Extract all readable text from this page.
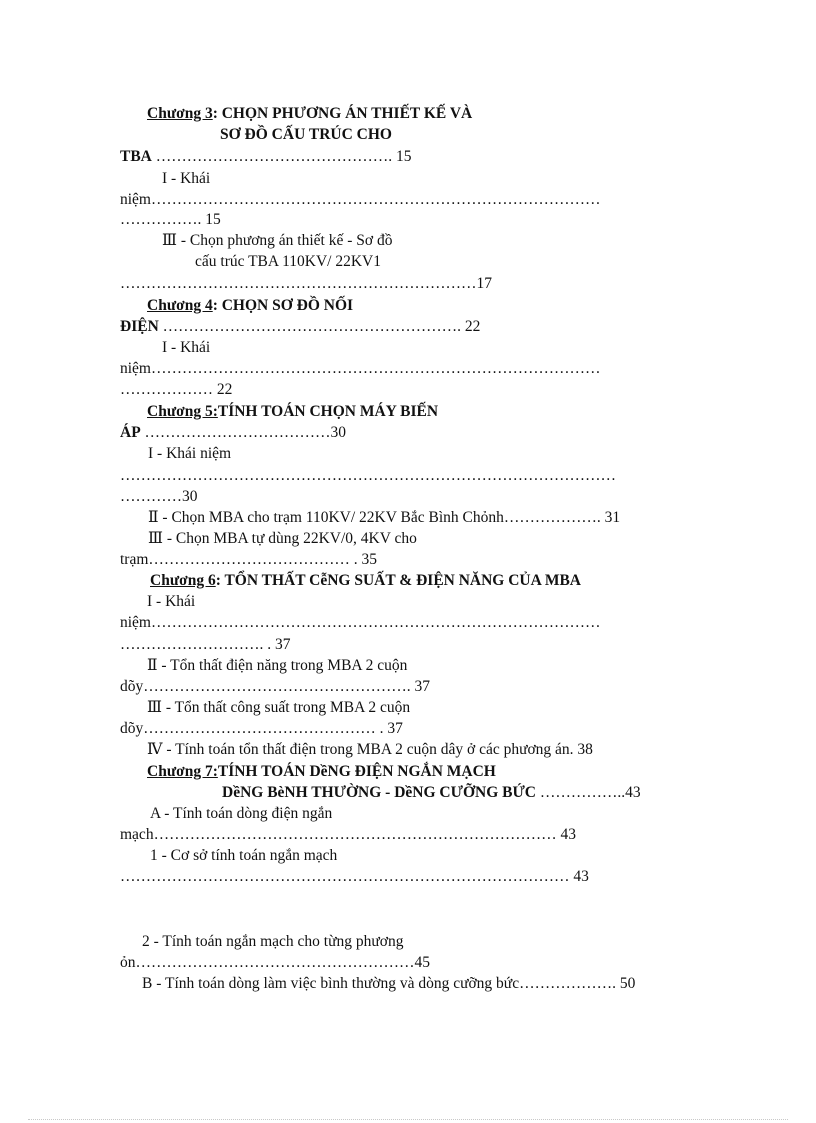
Chương 3: CHỌN PHƯƠNG ÁN THIẾT KẾ VÀ
SƠ ĐỒ CẤU TRÚC CHO
TBA ………………………………………. 15
I - Khái
niệm……………………………………………………………………………
……………. 15
Ⅲ - Chọn phương án thiết kế - Sơ đồ
cấu trúc TBA 110KV/ 22KV1
……………………………………………………………17
Chương 4: CHỌN SƠ ĐỒ NỐI
ĐIỆN …………………………………………………. 22
I - Khái
niệm……………………………………………………………………………
……………… 22
Chương 5:TÍNH TOÁN CHỌN MÁY BIẾN
ÁP ………………………………30
I - Khái niệm
……………………………………………………………………………………
…………30
Ⅱ - Chọn MBA cho trạm 110KV/ 22KV Bắc Bình Chỏnh………………. 31
Ⅲ - Chọn MBA tự dùng 22KV/0, 4KV cho
trạm………………………………… . 35
Chương 6: TỔN THẤT CễNG SUẤT & ĐIỆN NĂNG CỦA MBA
I - Khái
niệm……………………………………………………………………………
………………………. . 37
Ⅱ - Tổn thất điện năng trong MBA 2 cuộn
dõy……………………………………………. 37
Ⅲ - Tổn thất công suất trong MBA 2 cuộn
dõy……………………………………… . 37
Ⅳ - Tính toán tổn thất điện trong MBA 2 cuộn dây ở các phương án. 38
Chương 7:TÍNH TOÁN DềNG ĐIỆN NGẮN MẠCH
DềNG BèNH THƯỜNG - DềNG CƯỠNG BỨC ……………..43
A - Tính toán dòng điện ngắn
mạch…………………………………………………………………… 43
1 - Cơ sở tính toán ngắn mạch
…………………………………………………………………………… 43
2 - Tính toán ngắn mạch cho từng phương
ỏn………………………………………………45
B - Tính toán dòng làm việc bình thường và dòng cưỡng bức………………. 50
